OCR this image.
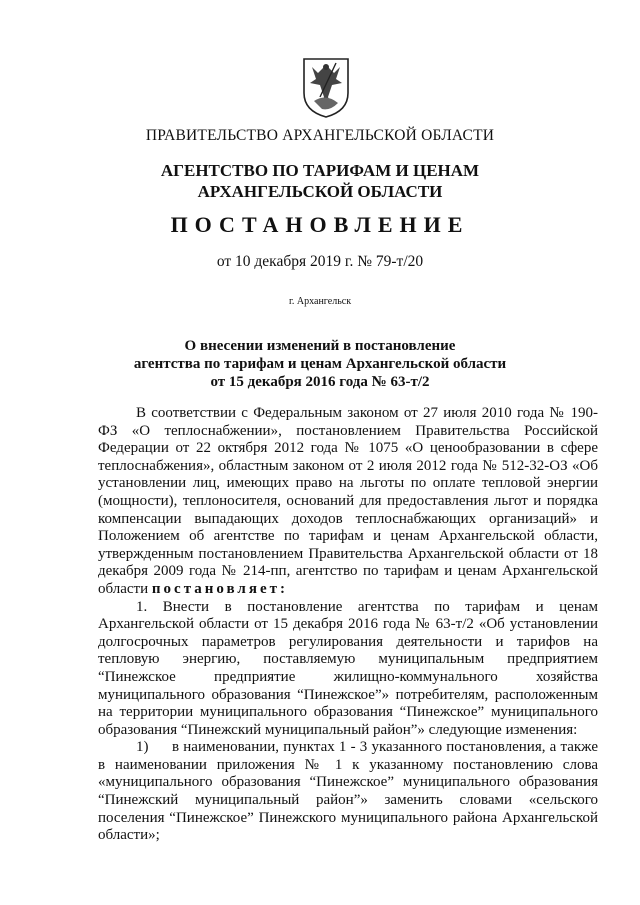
ПРАВИТЕЛЬСТВО АРХАНГЕЛЬСКОЙ ОБЛАСТИ
АГЕНТСТВО ПО ТАРИФАМ И ЦЕНАМ
АРХАНГЕЛЬСКОЙ ОБЛАСТИ
ПОСТАНОВЛЕНИЕ
от 10 декабря 2019 г. № 79-т/20
г. Архангельск
О внесении изменений в постановление
агентства по тарифам и ценам Архангельской области
от 15 декабря 2016 года № 63-т/2

В соответствии с Федеральным законом от 27 июля 2010 года № 190-ФЗ «О теплоснабжении», постановлением Правительства Российской Федерации от 22 октября 2012 года № 1075 «О ценообразовании в сфере теплоснабжения», областным законом от 2 июля 2012 года № 512-32-ОЗ «Об установлении лиц, имеющих право на льготы по оплате тепловой энергии (мощности), теплоносителя, оснований для предоставления льгот и порядка компенсации выпадающих доходов теплоснабжающих организаций» и Положением об агентстве по тарифам и ценам Архангельской области, утвержденным постановлением Правительства Архангельской области от 18 декабря 2009 года № 214-пп, агентство по тарифам и ценам Архангельской области постановляет:

1. Внести в постановление агентства по тарифам и ценам Архангельской области от 15 декабря 2016 года № 63-т/2 «Об установлении долгосрочных параметров регулирования деятельности и тарифов на тепловую энергию, поставляемую муниципальным предприятием “Пинежское предприятие жилищно-коммунального хозяйства муниципального образования “Пинежское”» потребителям, расположенным на территории муниципального образования “Пинежское” муниципального образования “Пинежский муниципальный район”» следующие изменения:

1) в наименовании, пунктах 1 - 3 указанного постановления, а также в наименовании приложения № 1 к указанному постановлению слова «муниципального образования “Пинежское” муниципального образования “Пинежский муниципальный район”» заменить словами «сельского поселения “Пинежское” Пинежского муниципального района Архангельской области»;
